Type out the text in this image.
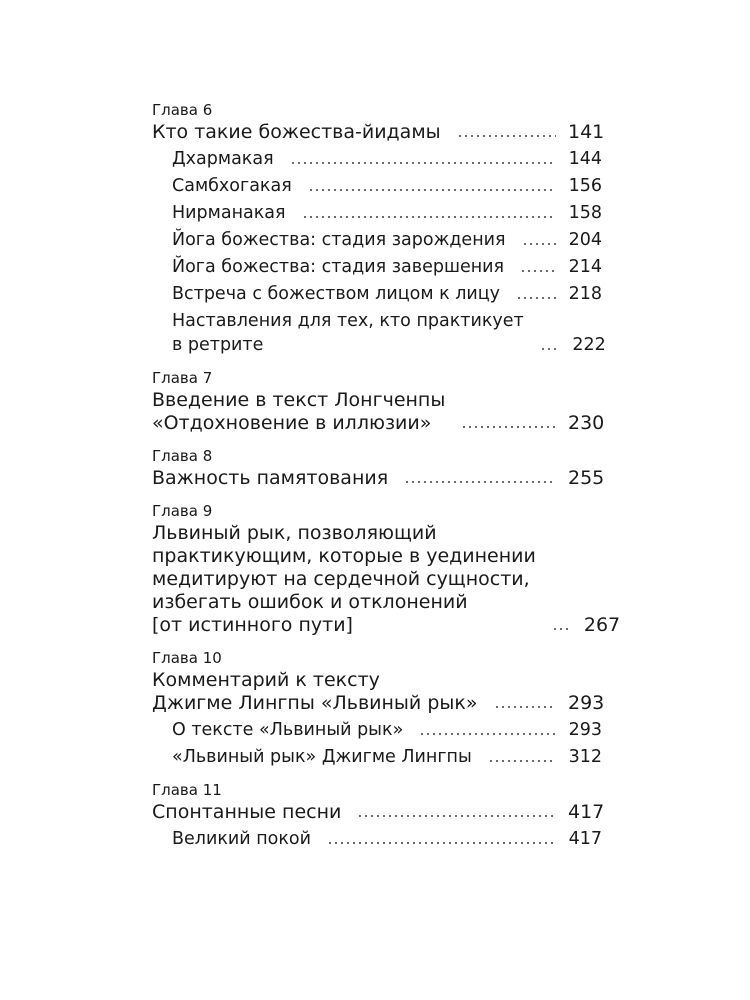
Глава 6
Кто такие божества-йидамы	141
Дхармакая	144
Самбхогакая	156
Нирманакая	158
Йога божества: стадия зарождения	204
Йога божества: стадия завершения	214
Встреча с божеством лицом к лицу	218
Наставления для тех, кто практикует
в ретрите	222
Глава 7
Введение в текст Лонгченпы
«Отдохновение в иллюзии»	230
Глава 8
Важность памятования	255
Глава 9
Львиный рык, позволяющий
практикующим, которые в уединении
медитируют на сердечной сущности,
избегать ошибок и отклонений
[от истинного пути]	267
Глава 10
Комментарий к тексту
Джигме Лингпы «Львиный рык»	293
О тексте «Львиный рык»	293
«Львиный рык» Джигме Лингпы	312
Глава 11
Спонтанные песни	417
Великий покой	417
